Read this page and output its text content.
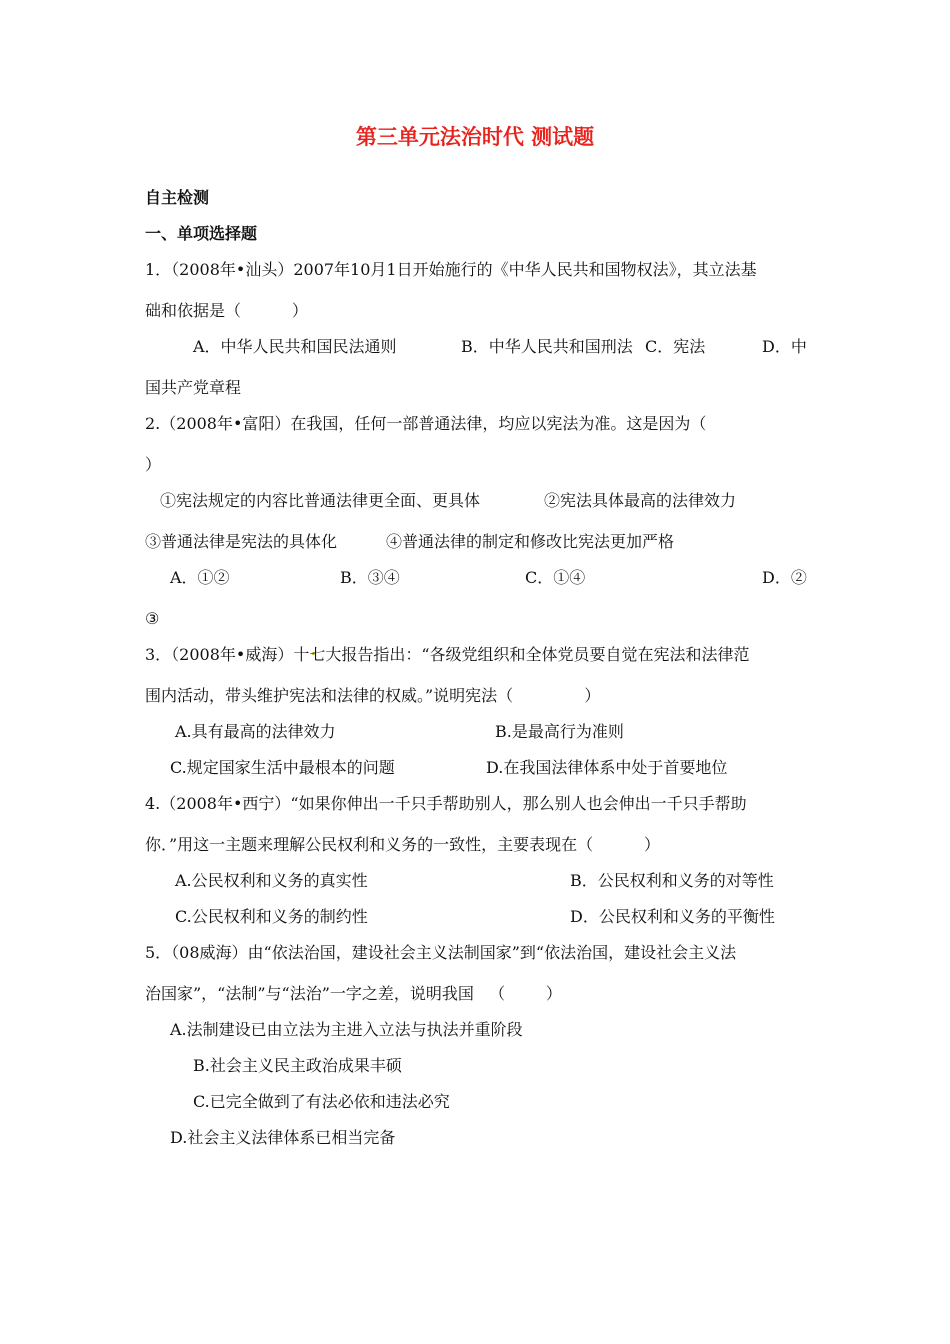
第三单元法治时代 测试题
自主检测
一、单项选择题
1．（2008年•汕头）2007年10月1日开始施行的《中华人民共和国物权法》，其立法基
础和依据是（          ）
A．中华人民共和国民法通则	B．中华人民共和国刑法 C．宪法	D．中
国共产党章程
2.（2008年•富阳）在我国，任何一部普通法律，均应以宪法为准。这是因为（
）
①宪法规定的内容比普通法律更全面、更具体	②宪法具体最高的法律效力
③普通法律是宪法的具体化	④普通法律的制定和修改比宪法更加严格
A．①②	B．③④	C．①④	D．②
③
3．（2008年•威海）十七大报告指出：“各级党组织和全体党员要自觉在宪法和法律范
围内活动，带头维护宪法和法律的权威。”说明宪法（              ）
A.具有最高的法律效力	B.是最高行为准则
C.规定国家生活中最根本的问题	D.在我国法律体系中处于首要地位
4.（2008年•西宁）“如果你伸出一千只手帮助别人，那么别人也会伸出一千只手帮助
你．”用这一主题来理解公民权利和义务的一致性，主要表现在（          ）
A.公民权利和义务的真实性	B．公民权利和义务的对等性
C.公民权利和义务的制约性	D．公民权利和义务的平衡性
5．（08威海）由“依法治国，建设社会主义法制国家”到“依法治国，建设社会主义法
治国家”，“法制”与“法治”一字之差，说明我国   （        ）
A.法制建设已由立法为主进入立法与执法并重阶段
B.社会主义民主政治成果丰硕
C.已完全做到了有法必依和违法必究
D.社会主义法律体系已相当完备
